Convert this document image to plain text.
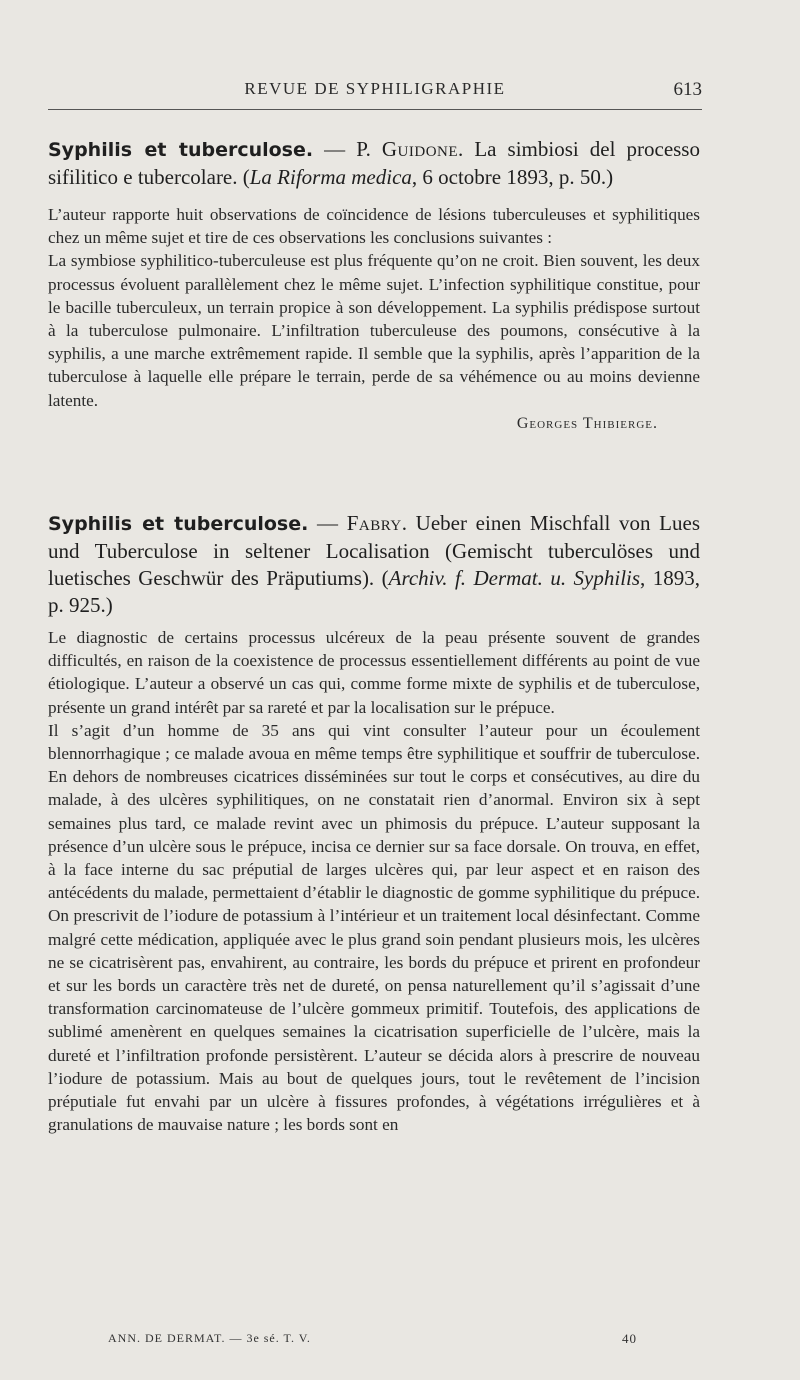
REVUE DE SYPHILIGRAPHIE	613

Syphilis et tuberculose. — P. Guidone. La simbiosi del processo sifilitico e tubercolare. (La Riforma medica, 6 octobre 1893, p. 50.)

L’auteur rapporte huit observations de coïncidence de lésions tuberculeuses et syphilitiques chez un même sujet et tire de ces observations les conclusions suivantes :

La symbiose syphilitico-tuberculeuse est plus fréquente qu’on ne croit. Bien souvent, les deux processus évoluent parallèlement chez le même sujet. L’infection syphilitique constitue, pour le bacille tuberculeux, un terrain propice à son développement. La syphilis prédispose surtout à la tuberculose pulmonaire. L’infiltration tuberculeuse des poumons, consécutive à la syphilis, a une marche extrêmement rapide. Il semble que la syphilis, après l’apparition de la tuberculose à laquelle elle prépare le terrain, perde de sa véhémence ou au moins devienne latente.

Georges Thibierge.

Syphilis et tuberculose. — Fabry. Ueber einen Mischfall von Lues und Tuberculose in seltener Localisation (Gemischt tuberculöses und luetisches Geschwür des Präputiums). (Archiv. f. Dermat. u. Syphilis, 1893, p. 925.)

Le diagnostic de certains processus ulcéreux de la peau présente souvent de grandes difficultés, en raison de la coexistence de processus essentiellement différents au point de vue étiologique. L’auteur a observé un cas qui, comme forme mixte de syphilis et de tuberculose, présente un grand intérêt par sa rareté et par la localisation sur le prépuce.

Il s’agit d’un homme de 35 ans qui vint consulter l’auteur pour un écoulement blennorrhagique ; ce malade avoua en même temps être syphilitique et souffrir de tuberculose. En dehors de nombreuses cicatrices disséminées sur tout le corps et consécutives, au dire du malade, à des ulcères syphilitiques, on ne constatait rien d’anormal. Environ six à sept semaines plus tard, ce malade revint avec un phimosis du prépuce. L’auteur supposant la présence d’un ulcère sous le prépuce, incisa ce dernier sur sa face dorsale. On trouva, en effet, à la face interne du sac préputial de larges ulcères qui, par leur aspect et en raison des antécédents du malade, permettaient d’établir le diagnostic de gomme syphilitique du prépuce. On prescrivit de l’iodure de potassium à l’intérieur et un traitement local désinfectant. Comme malgré cette médication, appliquée avec le plus grand soin pendant plusieurs mois, les ulcères ne se cicatrisèrent pas, envahirent, au contraire, les bords du prépuce et prirent en profondeur et sur les bords un caractère très net de dureté, on pensa naturellement qu’il s’agissait d’une transformation carcinomateuse de l’ulcère gommeux primitif. Toutefois, des applications de sublimé amenèrent en quelques semaines la cicatrisation superficielle de l’ulcère, mais la dureté et l’infiltration profonde persistèrent. L’auteur se décida alors à prescrire de nouveau l’iodure de potassium. Mais au bout de quelques jours, tout le revêtement de l’incision préputiale fut envahi par un ulcère à fissures profondes, à végétations irrégulières et à granulations de mauvaise nature ; les bords sont en

ANN. DE DERMAT. — 3e sé. T. V.	40
